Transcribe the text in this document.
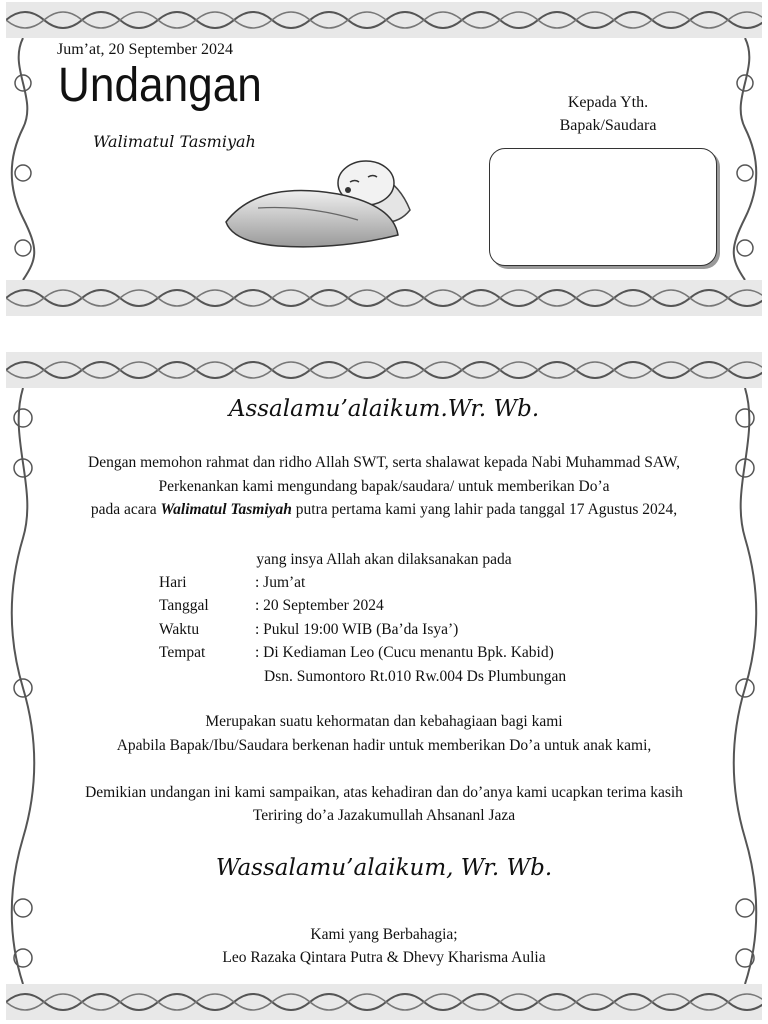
Jum’at, 20 September 2024
Undangan
Walimatul Tasmiyah
Kepada Yth.
Bapak/Saudara
Assalamu’alaikum.Wr. Wb.
Dengan memohon rahmat dan ridho Allah SWT, serta shalawat kepada Nabi Muhammad SAW,
Perkenankan kami mengundang bapak/saudara/ untuk memberikan Do’a
pada acara Walimatul Tasmiyah putra pertama kami yang lahir pada tanggal 17 Agustus 2024,
yang insya Allah akan dilaksanakan pada
Hari	: Jum’at
Tanggal	: 20 September 2024
Waktu	: Pukul 19:00 WIB (Ba’da Isya’)
Tempat	: Di Kediaman Leo (Cucu menantu Bpk. Kabid)
Dsn. Sumontoro Rt.010 Rw.004 Ds Plumbungan
Merupakan suatu kehormatan dan kebahagiaan bagi kami
Apabila Bapak/Ibu/Saudara berkenan hadir untuk memberikan Do’a untuk anak kami,
Demikian undangan ini kami sampaikan, atas kehadiran dan do’anya kami ucapkan terima kasih
Teriring do’a Jazakumullah Ahsananl Jaza
Wassalamu’alaikum, Wr. Wb.
Kami yang Berbahagia;
Leo Razaka Qintara Putra & Dhevy Kharisma Aulia
